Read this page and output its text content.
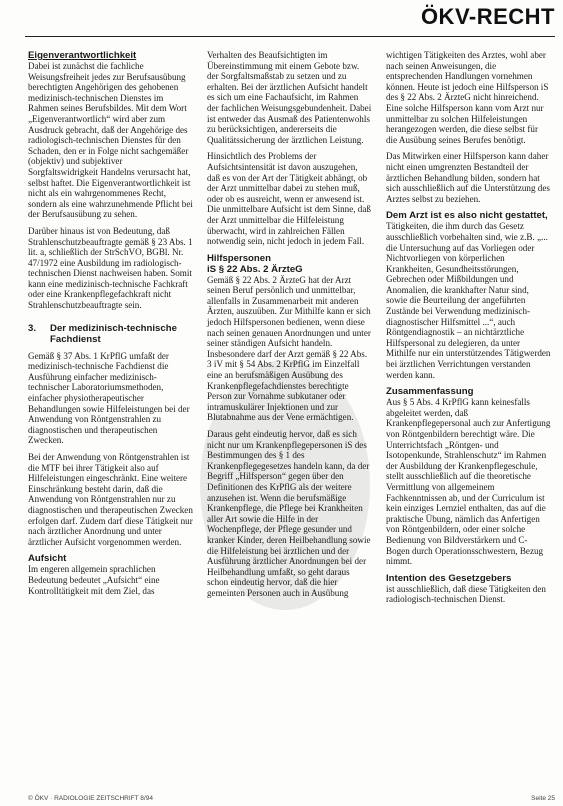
ÖKV-RECHT
Eigenverantwortlichkeit

Dabei ist zunächst die fachliche Weisungsfreiheit jedes zur Berufsausübung berechtigten Angehörigen des gehobenen medizinisch-technischen Dienstes im Rahmen seines Berufsbildes. Mit dem Wort „Eigenverantwortlich“ wird aber zum Ausdruck gebracht, daß der Angehörige des radiologisch-technischen Dienstes für den Schaden, den er in Folge nicht sachgemäßer (objektiv) und subjektiver Sorgfaltswidrigkeit Handelns verursacht hat, selbst haftet. Die Eigenverantwortlichkeit ist nicht als ein wahrgenommenes Recht, sondern als eine wahrzunehmende Pflicht bei der Berufsausübung zu sehen.

Darüber hinaus ist von Bedeutung, daß Strahlenschutzbeauftragte gemäß § 23 Abs. 1 lit. a, schließlich der StrSchVO, BGBl. Nr. 47/1972 eine Ausbildung im radiologisch-technischen Dienst nachweisen haben. Somit kann eine medizinisch-technische Fachkraft oder eine Krankenpflegefachkraft nicht Strahlenschutzbeauftragte sein.

3. Der medizinisch-technische Fachdienst

Gemäß § 37 Abs. 1 KrPflG umfaßt der medizinisch-technische Fachdienst die Ausführung einfacher medizinisch-technischer Laboratoriumsmethoden, einfacher physiotherapeutischer Behandlungen sowie Hilfeleistungen bei der Anwendung von Röntgenstrahlen zu diagnostischen und therapeutischen Zwecken.

Bei der Anwendung von Röntgenstrahlen ist die MTF bei ihrer Tätigkeit also auf Hilfeleistungen eingeschränkt. Eine weitere Einschränkung besteht darin, daß die Anwendung von Röntgenstrahlen nur zu diagnostischen und therapeutischen Zwecken erfolgen darf. Zudem darf diese Tätigkeit nur nach ärztlicher Anordnung und unter ärztlicher Aufsicht vorgenommen werden.

Aufsicht

Im engeren allgemein sprachlichen Bedeutung bedeutet „Aufsicht“ eine Kontrolltätigkeit mit dem Ziel, das

Verhalten des Beaufsichtigten im Übereinstimmung mit einem Gebote bzw. der Sorgfaltsmaßstab zu setzen und zu erhalten. Bei der ärztlichen Aufsicht handelt es sich um eine Fachaufsicht, im Rahmen der fachlichen Weisungsgebundenheit. Dabei ist entweder das Ausmaß des Patientenwohls zu berücksichtigen, andererseits die Qualitätssicherung der ärztlichen Leistung.

Hinsichtlich des Problems der Aufsichtsintensität ist davon auszugehen, daß es von der Art der Tätigkeit abhängt, ob der Arzt unmittelbar dabei zu stehen muß, oder ob es ausreicht, wenn er anwesend ist. Die unmittelbare Aufsicht ist dem Sinne, daß der Arzt unmittelbar die Hilfeleistung überwacht, wird in zahlreichen Fällen notwendig sein, nicht jedoch in jedem Fall.

Hilfspersonen
iS § 22 Abs. 2 ÄrzteG

Gemäß § 22 Abs. 2 ÄrzteG hat der Arzt seinen Beruf persönlich und unmittelbar, allenfalls in Zusammenarbeit mit anderen Ärzten, auszuüben. Zur Mithilfe kann er sich jedoch Hilfspersonen bedienen, wenn diese nach seinen genauen Anordnungen und unter seiner ständigen Aufsicht handeln. Insbesondere darf der Arzt gemäß § 22 Abs. 3 iV mit § 54 Abs. 2 KrPflG im Einzelfall eine an berufsmäßigen Ausübung des Krankenpflegefachdienstes berechtigte Person zur Vornahme subkutaner oder intramuskulärer Injektionen und zur Blutabnahme aus der Vene ermächtigen.

Daraus geht eindeutig hervor, daß es sich nicht nur um Krankenpflegepersonen iS des Bestimmungen des § 1 des Krankenpflegegesetzes handeln kann, da der Begriff „Hilfsperson“ gegen über den Definitionen des KrPflG als der weitere anzusehen ist. Wenn die berufsmäßige Krankenpflege, die Pflege bei Krankheiten aller Art sowie die Hilfe in der Wochenpflege, der Pflege gesunder und kranker Kinder, deren Heilbehandlung sowie die Hilfeleistung bei ärztlichen und der Ausführung ärztlicher Anordnungen bei der Heilbehandlung umfaßt, so geht daraus schon eindeutig hervor, daß die hier gemeinten Personen auch in Ausübung

wichtigen Tätigkeiten des Arztes, wohl aber nach seinen Anweisungen, die entsprechenden Handlungen vornehmen können. Heute ist jedoch eine Hilfsperson iS des § 22 Abs. 2 ÄrzteG nicht hinreichend. Eine solche Hilfsperson kann vom Arzt nur unmittelbar zu solchen Hilfeleistungen herangezogen werden, die diese selbst für die Ausübung seines Berufes benötigt.

Das Mitwirken einer Hilfsperson kann daher nicht einen umgrenzten Bestandteil der ärztlichen Behandlung bilden, sondern hat sich ausschließlich auf die Unterstützung des Arztes selbst zu beziehen.

Dem Arzt ist es also nicht gestattet,

Tätigkeiten, die ihm durch das Gesetz ausschließlich vorbehalten sind, wie z.B. „... die Untersuchung auf das Vorliegen oder Nichtvorliegen von körperlichen Krankheiten, Gesundheitsstörungen, Gebrechen oder Mißbildungen und Anomalien, die krankhafter Natur sind, sowie die Beurteilung der angeführten Zustände bei Verwendung medizinisch-diagnostischer Hilfsmittel ...“, auch Röntgendiagnostik – an nichtärztliche Hilfspersonal zu delegieren, da unter Mithilfe nur ein unterstützendes Tätigwerden bei ärztlichen Verrichtungen verstanden werden kann.

Zusammenfassung

Aus § 5 Abs. 4 KrPflG kann keinesfalls abgeleitet werden, daß Krankenpflegepersonal auch zur Anfertigung von Röntgenbildern berechtigt wäre. Die Unterrichtsfach „Röntgen- und Isotopenkunde, Strahlenschutz“ im Rahmen der Ausbildung der Krankenpflegeschule, stellt ausschließlich auf die theoretische Vermittlung von allgemeinem Fachkenntnissen ab, und der Curriculum ist kein einziges Lernziel enthalten, das auf die praktische Übung, nämlich das Anfertigen von Röntgenbildern, oder einer solche Bedienung von Bildverstärkern und C-Bogen durch Operationsschwestern, Bezug nimmt.

Intention des Gesetzgebers

ist ausschließlich, daß diese Tätigkeiten den radiologisch-technischen Dienst.

© ÖKV · RADIOLOGIE ZEITSCHRIFT 8/94	Seite 25
